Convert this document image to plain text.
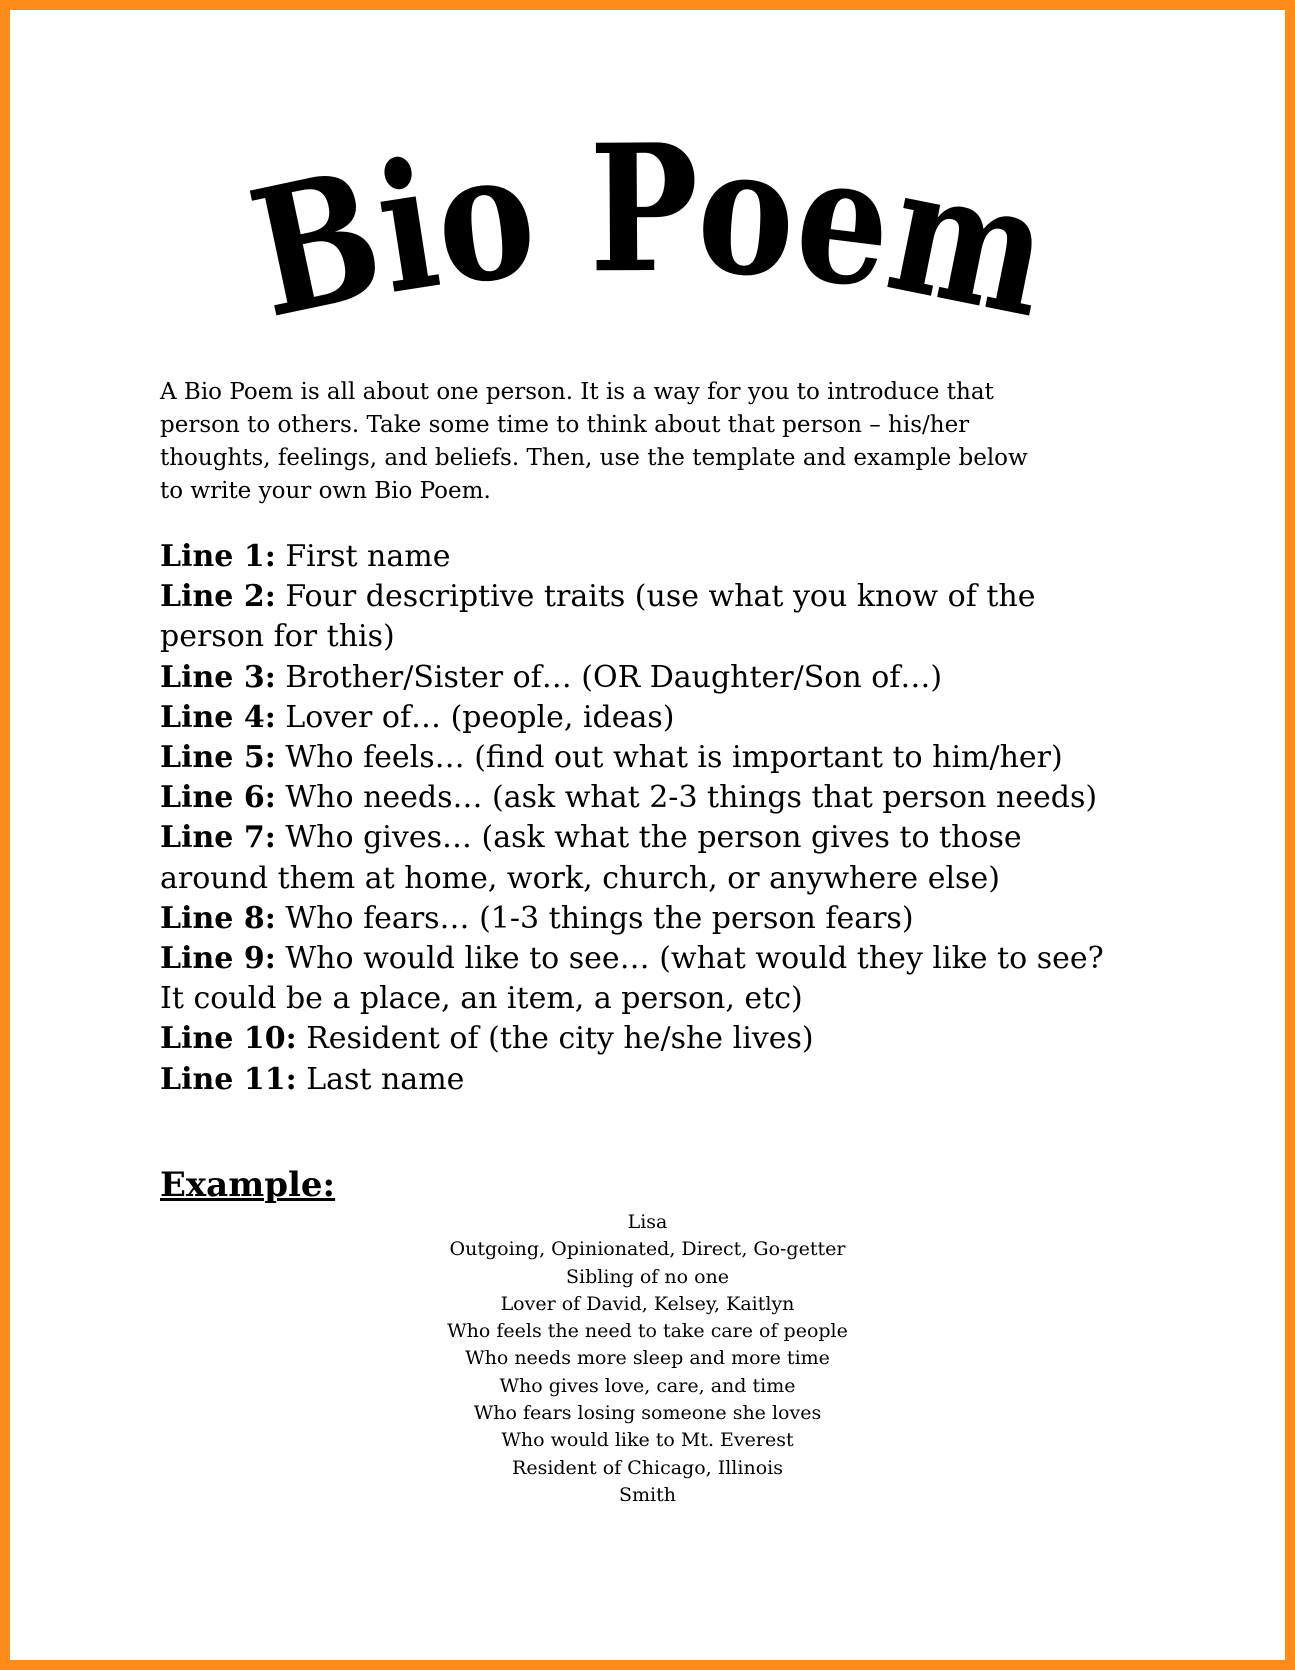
Bio Poem
A Bio Poem is all about one person. It is a way for you to introduce that
person to others. Take some time to think about that person – his/her
thoughts, feelings, and beliefs. Then, use the template and example below
to write your own Bio Poem.
Line 1: First name
Line 2: Four descriptive traits (use what you know of the
person for this)
Line 3: Brother/Sister of… (OR Daughter/Son of…)
Line 4: Lover of… (people, ideas)
Line 5: Who feels… (find out what is important to him/her)
Line 6: Who needs… (ask what 2-3 things that person needs)
Line 7: Who gives… (ask what the person gives to those
around them at home, work, church, or anywhere else)
Line 8: Who fears… (1-3 things the person fears)
Line 9: Who would like to see… (what would they like to see?
It could be a place, an item, a person, etc)
Line 10: Resident of (the city he/she lives)
Line 11: Last name
Example:
Lisa
Outgoing, Opinionated, Direct, Go-getter
Sibling of no one
Lover of David, Kelsey, Kaitlyn
Who feels the need to take care of people
Who needs more sleep and more time
Who gives love, care, and time
Who fears losing someone she loves
Who would like to Mt. Everest
Resident of Chicago, Illinois
Smith
